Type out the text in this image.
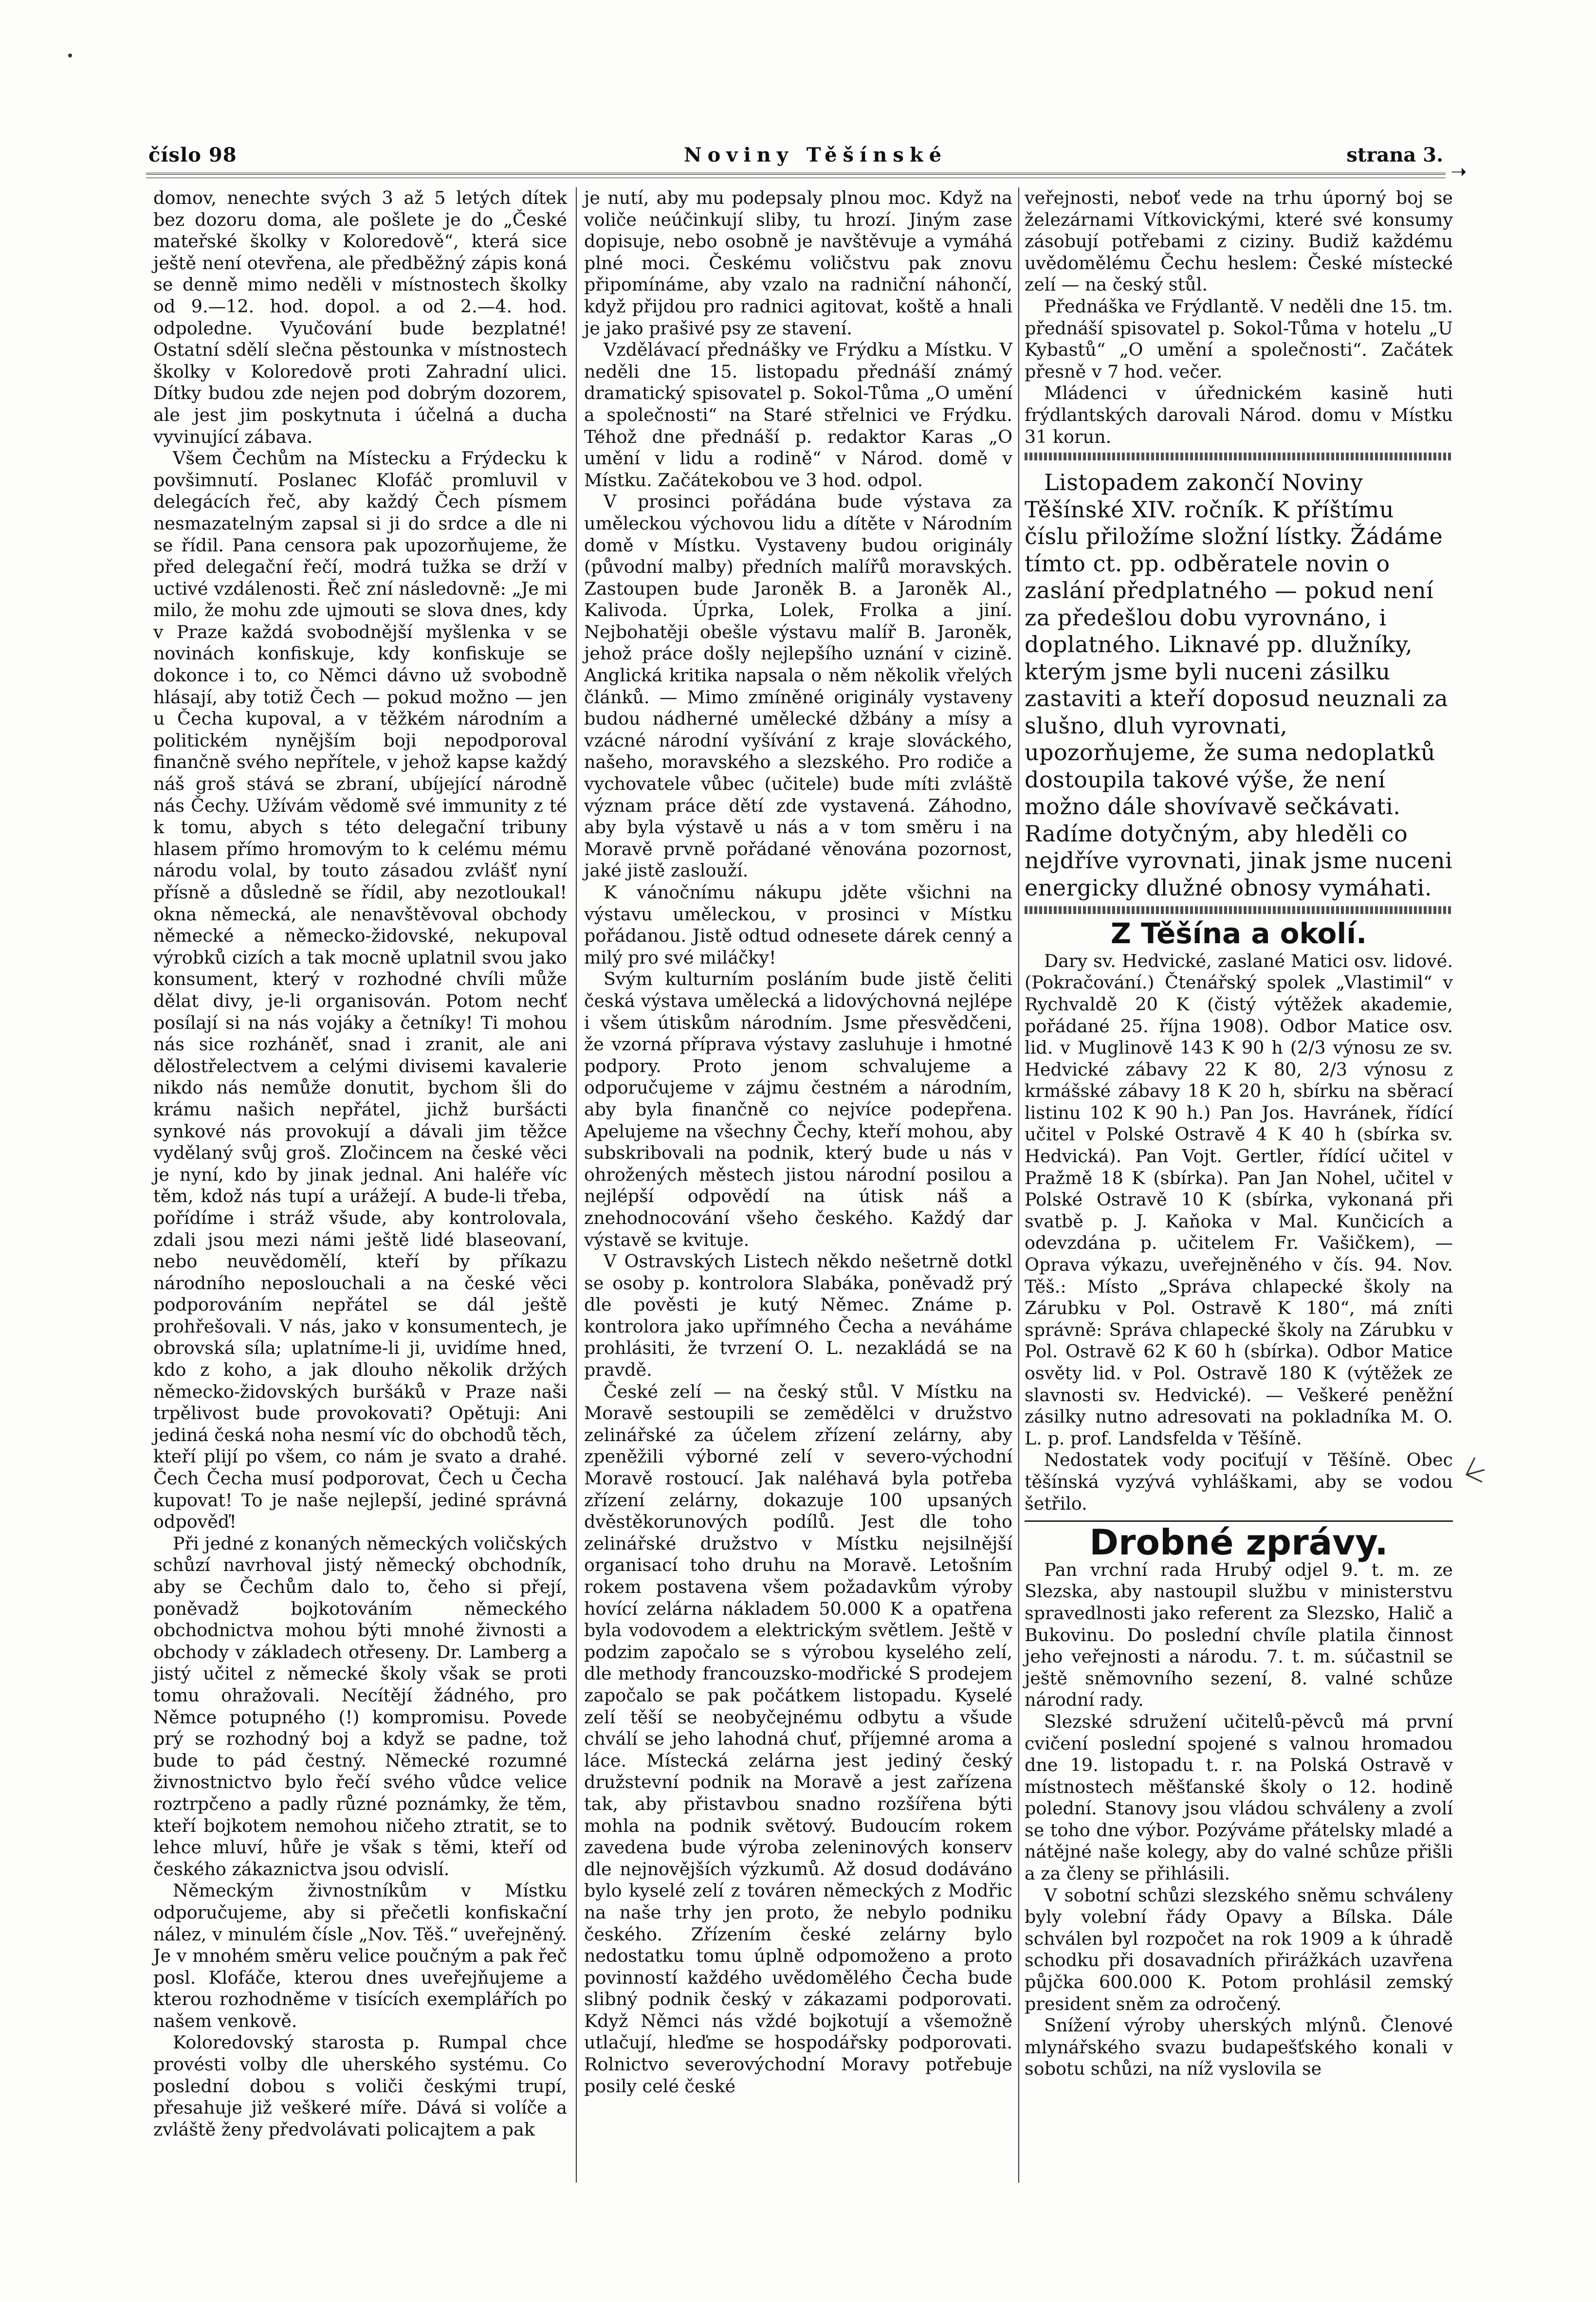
číslo 98	Noviny Těšínské	strana 3.

domov, nenechte svých 3 až 5 letých dítek bez dozoru doma, ale pošlete je do „České mateřské školky v Koloredově“, která sice ještě není otevřena, ale předběžný zápis koná se denně mimo neděli v místnostech školky od 9.—12. hod. dopol. a od 2.—4. hod. odpoledne. Vyučování bude bezplatné! Ostatní sdělí slečna pěstounka v místnostech školky v Koloredově proti Zahradní ulici. Dítky budou zde nejen pod dobrým dozorem, ale jest jim poskytnuta i účelná a ducha vyvinující zábava.

Všem Čechům na Místecku a Frýdecku k povšimnutí. Poslanec Klofáč promluvil v delegácích řeč, aby každý Čech písmem nesmazatelným zapsal si ji do srdce a dle ni se řídil. Pana censora pak upozorňujeme, že před delegační řečí, modrá tužka se drží v uctivé vzdálenosti. Řeč zní následovně: „Je mi milo, že mohu zde ujmouti se slova dnes, kdy v Praze každá svobodnější myšlenka v se novinách konfiskuje, kdy konfiskuje se dokonce i to, co Němci dávno už svobodně hlásají, aby totiž Čech — pokud možno — jen u Čecha kupoval, a v těžkém národním a politickém nynějším boji nepodporoval finančně svého nepřítele, v jehož kapse každý náš groš stává se zbraní, ubíjející národně nás Čechy. Užívám vědomě své immunity z té k tomu, abych s této delegační tribuny hlasem přímo hromovým to k celému mému národu volal, by touto zásadou zvlášť nyní přísně a důsledně se řídil, aby nezotloukal! okna německá, ale nenavštěvoval obchody německé a německo-židovské, nekupoval výrobků cizích a tak mocně uplatnil svou jako konsument, který v rozhodné chvíli může dělat divy, je-li organisován. Potom nechť posílají si na nás vojáky a četníky! Ti mohou nás sice rozháněť, snad i zranit, ale ani dělostřelectvem a celými divisemi kavalerie nikdo nás nemůže donutit, bychom šli do krámu našich nepřátel, jichž buršácti synkové nás provokují a dávali jim těžce vydělaný svůj groš. Zločincem na české věci je nyní, kdo by jinak jednal. Ani haléře víc těm, kdož nás tupí a urážejí. A bude-li třeba, pořídíme i stráž všude, aby kontrolovala, zdali jsou mezi námi ještě lidé blaseovaní, nebo neuvědomělí, kteří by příkazu národního neposlouchali a na české věci podporováním nepřátel se dál ještě prohřešovali. V nás, jako v konsumentech, je obrovská síla; uplatníme-li ji, uvidíme hned, kdo z koho, a jak dlouho několik držých německo-židovských buršáků v Praze naši trpělivost bude provokovati? Opětuji: Ani jediná česká noha nesmí víc do obchodů těch, kteří plijí po všem, co nám je svato a drahé. Čech Čecha musí podporovat, Čech u Čecha kupovat! To je naše nejlepší, jediné správná odpověď!

Při jedné z konaných německých voličských schůzí navrhoval jistý německý obchodník, aby se Čechům dalo to, čeho si přejí, poněvadž bojkotováním německého obchodnictva mohou býti mnohé živnosti a obchody v základech otřeseny. Dr. Lamberg a jistý učitel z německé školy však se proti tomu ohražovali. Necítějí žádného, pro Němce potupného (!) kompromisu. Povede prý se rozhodný boj a když se padne, tož bude to pád čestný. Německé rozumné živnostnictvo bylo řečí svého vůdce velice roztrpčeno a padly různé poznámky, že těm, kteří bojkotem nemohou ničeho ztratit, se to lehce mluví, hůře je však s těmi, kteří od českého zákaznictva jsou odvislí.

Německým živnostníkům v Místku odporučujeme, aby si přečetli konfiskační nález, v minulém čísle „Nov. Těš.“ uveřejněný. Je v mnohém směru velice poučným a pak řeč posl. Klofáče, kterou dnes uveřejňujeme a kterou rozhodněme v tisících exemplářích po našem venkově.

Koloredovský starosta p. Rumpal chce provésti volby dle uherského systému. Co poslední dobou s voliči českými trupí, přesahuje již veškeré míře. Dává si volíče a zvláště ženy předvolávati policajtem a pak

je nutí, aby mu podepsaly plnou moc. Když na voliče neúčinkují sliby, tu hrozí. Jiným zase dopisuje, nebo osobně je navštěvuje a vymáhá plné moci. Českému voličstvu pak znovu připomínáme, aby vzalo na radniční náhončí, když přijdou pro radnici agitovat, koště a hnali je jako prašivé psy ze stavení.

Vzdělávací přednášky ve Frýdku a Místku. V neděli dne 15. listopadu přednáší známý dramatický spisovatel p. Sokol-Tůma „O umění a společnosti“ na Staré střelnici ve Frýdku. Téhož dne přednáší p. redaktor Karas „O umění v lidu a rodině“ v Národ. domě v Místku. Začátekobou ve 3 hod. odpol.

V prosinci pořádána bude výstava za uměleckou výchovou lidu a dítěte v Národním domě v Místku. Vystaveny budou originály (původní malby) předních malířů moravských. Zastoupen bude Jaroněk B. a Jaroněk Al., Kalivoda. Úprka, Lolek, Frolka a jiní. Nejbohatěji obešle výstavu malíř B. Jaroněk, jehož práce došly nejlepšího uznání v cizině. Anglická kritika napsala o něm několik vřelých článků. — Mimo zmíněné originály vystaveny budou nádherné umělecké džbány a mísy a vzácné národní vyšívání z kraje slováckého, našeho, moravského a slezského. Pro rodiče a vychovatele vůbec (učitele) bude míti zvláště význam práce dětí zde vystavená. Záhodno, aby byla výstavě u nás a v tom směru i na Moravě prvně pořádané věnována pozornost, jaké jistě zaslouží.

K vánočnímu nákupu jděte všichni na výstavu uměleckou, v prosinci v Místku pořádanou. Jistě odtud odnesete dárek cenný a milý pro své miláčky!

Svým kulturním posláním bude jistě čeliti česká výstava umělecká a lidovýchovná nejlépe i všem útiskům národním. Jsme přesvědčeni, že vzorná příprava výstavy zasluhuje i hmotné podpory. Proto jenom schvalujeme a odporučujeme v zájmu čestném a národním, aby byla finančně co nejvíce podepřena. Apelujeme na všechny Čechy, kteří mohou, aby subskribovali na podnik, který bude u nás v ohrožených městech jistou národní posilou a nejlépší odpovědí na útisk náš a znehodnocování všeho českého. Každý dar výstavě se kvituje.

V Ostravských Listech někdo nešetrně dotkl se osoby p. kontrolora Slabáka, poněvadž prý dle pověsti je kutý Němec. Známe p. kontrolora jako upřímného Čecha a neváháme prohlásiti, že tvrzení O. L. nezakládá se na pravdě.

České zelí — na český stůl. V Místku na Moravě sestoupili se zemědělci v družstvo zelinářské za účelem zřízení zelárny, aby zpeněžili výborné zelí v severo-východní Moravě rostoucí. Jak naléhavá byla potřeba zřízení zelárny, dokazuje 100 upsaných dvěstěkorunových podílů. Jest dle toho zelinářské družstvo v Místku nejsilnější organisací toho druhu na Moravě. Letošním rokem postavena všem požadavkům výroby hovící zelárna nákladem 50.000 K a opatřena byla vodovodem a elektrickým světlem. Ještě v podzim započalo se s výrobou kyselého zelí, dle methody francouzsko-modřické S prodejem započalo se pak počátkem listopadu. Kyselé zelí těší se neobyčejnému odbytu a všude chválí se jeho lahodná chuť, příjemné aroma a láce. Místecká zelárna jest jediný český družstevní podnik na Moravě a jest zařízena tak, aby přistavbou snadno rozšířena býti mohla na podnik světový. Budoucím rokem zavedena bude výroba zeleninových konserv dle nejnovějších výzkumů. Až dosud dodáváno bylo kyselé zelí z továren německých z Modřic na naše trhy jen proto, že nebylo podniku českého. Zřízením české zelárny bylo nedostatku tomu úplně odpomoženo a proto povinností každého uvědomělého Čecha bude slibný podnik český v zákazami podporovati. Když Němci nás vždé bojkotují a všemožně utlačují, hleďme se hospodářsky podporovati. Rolnictvo severovýchodní Moravy potřebuje posily celé české

veřejnosti, neboť vede na trhu úporný boj se železárnami Vítkovickými, které své konsumy zásobují potřebami z ciziny. Budiž každému uvědomělému Čechu heslem: České místecké zelí — na český stůl.

Přednáška ve Frýdlantě. V neděli dne 15. tm. přednáší spisovatel p. Sokol-Tůma v hotelu „U Kybastů“ „O umění a společnosti“. Začátek přesně v 7 hod. večer.

Mládenci v úřednickém kasině huti frýdlantských darovali Národ. domu v Místku 31 korun.

Listopadem zakončí Noviny Těšínské XIV. ročník. K příštímu číslu přiložíme složní lístky. Žádáme tímto ct. pp. odběratele novin o zaslání předplatného — pokud není za předešlou dobu vyrovnáno, i doplatného. Liknavé pp. dlužníky, kterým jsme byli nuceni zásilku zastaviti a kteří doposud neuznali za slušno, dluh vyrovnati, upozorňujeme, že suma nedoplatků dostoupila takové výše, že není možno dále shovívavě sečkávati. Radíme dotyčným, aby hleděli co nejdříve vyrovnati, jinak jsme nuceni energicky dlužné obnosy vymáhati.

Z Těšína a okolí.

Dary sv. Hedvické, zaslané Matici osv. lidové. (Pokračování.) Čtenářský spolek „Vlastimil“ v Rychvaldě 20 K (čistý výtěžek akademie, pořádané 25. října 1908). Odbor Matice osv. lid. v Muglinově 143 K 90 h (2/3 výnosu ze sv. Hedvické zábavy 22 K 80, 2/3 výnosu z krmášské zábavy 18 K 20 h, sbírku na sběrací listinu 102 K 90 h.) Pan Jos. Havránek, řídící učitel v Polské Ostravě 4 K 40 h (sbírka sv. Hedvická). Pan Vojt. Gertler, řídící učitel v Pražmě 18 K (sbírka). Pan Jan Nohel, učitel v Polské Ostravě 10 K (sbírka, vykonaná při svatbě p. J. Kaňoka v Mal. Kunčicích a odevzdána p. učitelem Fr. Vašičkem), — Oprava výkazu, uveřejněného v čís. 94. Nov. Těš.: Místo „Správa chlapecké školy na Zárubku v Pol. Ostravě K 180“, má zníti správně: Správa chlapecké školy na Zárubku v Pol. Ostravě 62 K 60 h (sbírka). Odbor Matice osvěty lid. v Pol. Ostravě 180 K (výtěžek ze slavnosti sv. Hedvické). — Veškeré peněžní zásilky nutno adresovati na pokladníka M. O. L. p. prof. Landsfelda v Těšíně.

Nedostatek vody pociťují v Těšíně. Obec těšínská vyzývá vyhláškami, aby se vodou šetřilo.

Drobné zprávy.

Pan vrchní rada Hrubý odjel 9. t. m. ze Slezska, aby nastoupil službu v ministerstvu spravedlnosti jako referent za Slezsko, Halič a Bukovinu. Do poslední chvíle platila činnost jeho veřejnosti a národu. 7. t. m. súčastnil se ještě sněmovního sezení, 8. valné schůze národní rady.

Slezské sdružení učitelů-pěvců má první cvičení poslední spojené s valnou hromadou dne 19. listopadu t. r. na Polská Ostravě v místnostech měšťanské školy o 12. hodině polední. Stanovy jsou vládou schváleny a zvolí se toho dne výbor. Pozýváme přátelsky mladé a nátějné naše kolegy, aby do valné schůze přišli a za členy se přihlásili.

V sobotní schůzi slezského sněmu schváleny byly volební řády Opavy a Bílska. Dále schválen byl rozpočet na rok 1909 a k úhradě schodku při dosavadních přirážkách uzavřena půjčka 600.000 K. Potom prohlásil zemský president sněm za odročený.

Snížení výroby uherských mlýnů. Členové mlynářského svazu budapešťského konali v sobotu schůzi, na níž vyslovila se

➝
